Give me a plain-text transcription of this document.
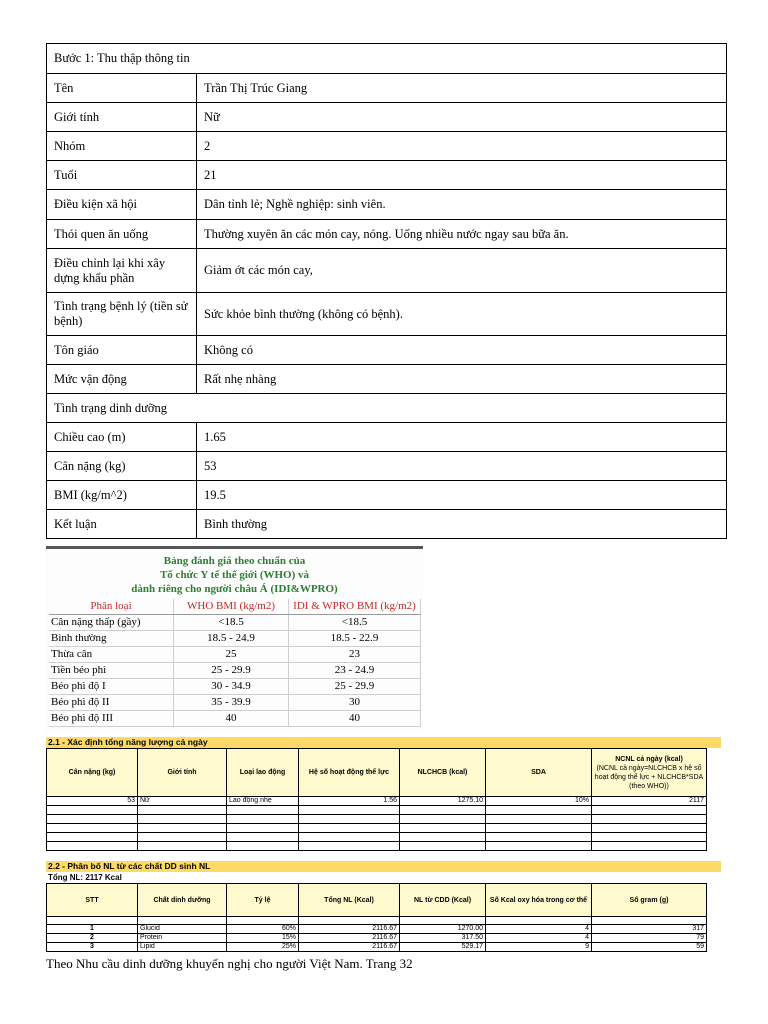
Bước 1: Thu thập thông tin	
Tên	Trần Thị Trúc Giang
Giới tính	Nữ
Nhóm	2
Tuổi	21
Điều kiện xã hội	Dân tỉnh lẻ; Nghề nghiệp: sinh viên.
Thói quen ăn uống	Thường xuyên ăn các món cay, nóng. Uống nhiều nước ngay sau bữa ăn.
Điều chỉnh lại khi xây dựng khẩu phần	Giảm ớt các món cay,
Tình trạng bệnh lý (tiền sử bệnh)	Sức khỏe bình thường (không có bệnh).
Tôn giáo	Không có
Mức vận động	Rất nhẹ nhàng
Tình trạng dinh dưỡng	
Chiều cao (m)	1.65
Cân nặng (kg)	53
BMI (kg/m^2)	19.5
Kết luận	Bình thường
Bảng đánh giá theo chuẩn của
Tổ chức Y tế thế giới (WHO) và
dành riêng cho người châu Á (IDI&WPRO)
Phân loại	WHO BMI (kg/m2)	IDI & WPRO BMI (kg/m2)
Cân nặng thấp (gầy)	<18.5	<18.5
Bình thường	18.5 - 24.9	18.5 - 22.9
Thừa cân	25	23
Tiền béo phì	25 - 29.9	23 - 24.9
Béo phì độ I	30 - 34.9	25 - 29.9
Béo phì độ II	35 - 39.9	30
Béo phì độ III	40	40
2.1 - Xác định tổng năng lượng cả ngày
Cân nặng (kg)	Giới tính	Loại lao động	Hệ số hoạt động thể lực	NLCHCB (kcal)	SDA	NCNL cả ngày (kcal)
(NCNL cả ngày=NLCHCB x hệ số hoạt động thể lực + NLCHCB*SDA (theo WHO))
53	Nữ	Lao động nhẹ	1.56	1275.10	10%	2117

2.2 - Phân bố NL từ các chất DD sinh NL
Tổng NL: 2117 Kcal
STT	Chất dinh dưỡng	Tỷ lệ	Tổng NL (Kcal)	NL từ CDD (Kcal)	Số Kcal oxy hóa trong cơ thể	Số gram (g)

1	Glucid	60%	2116.67	1270.00	4	317
2	Protein	15%	2116.67	317.50	4	79
3	Lipid	25%	2116.67	529.17	9	59
Theo Nhu cầu dinh dưỡng khuyến nghị cho người Việt Nam. Trang 32
